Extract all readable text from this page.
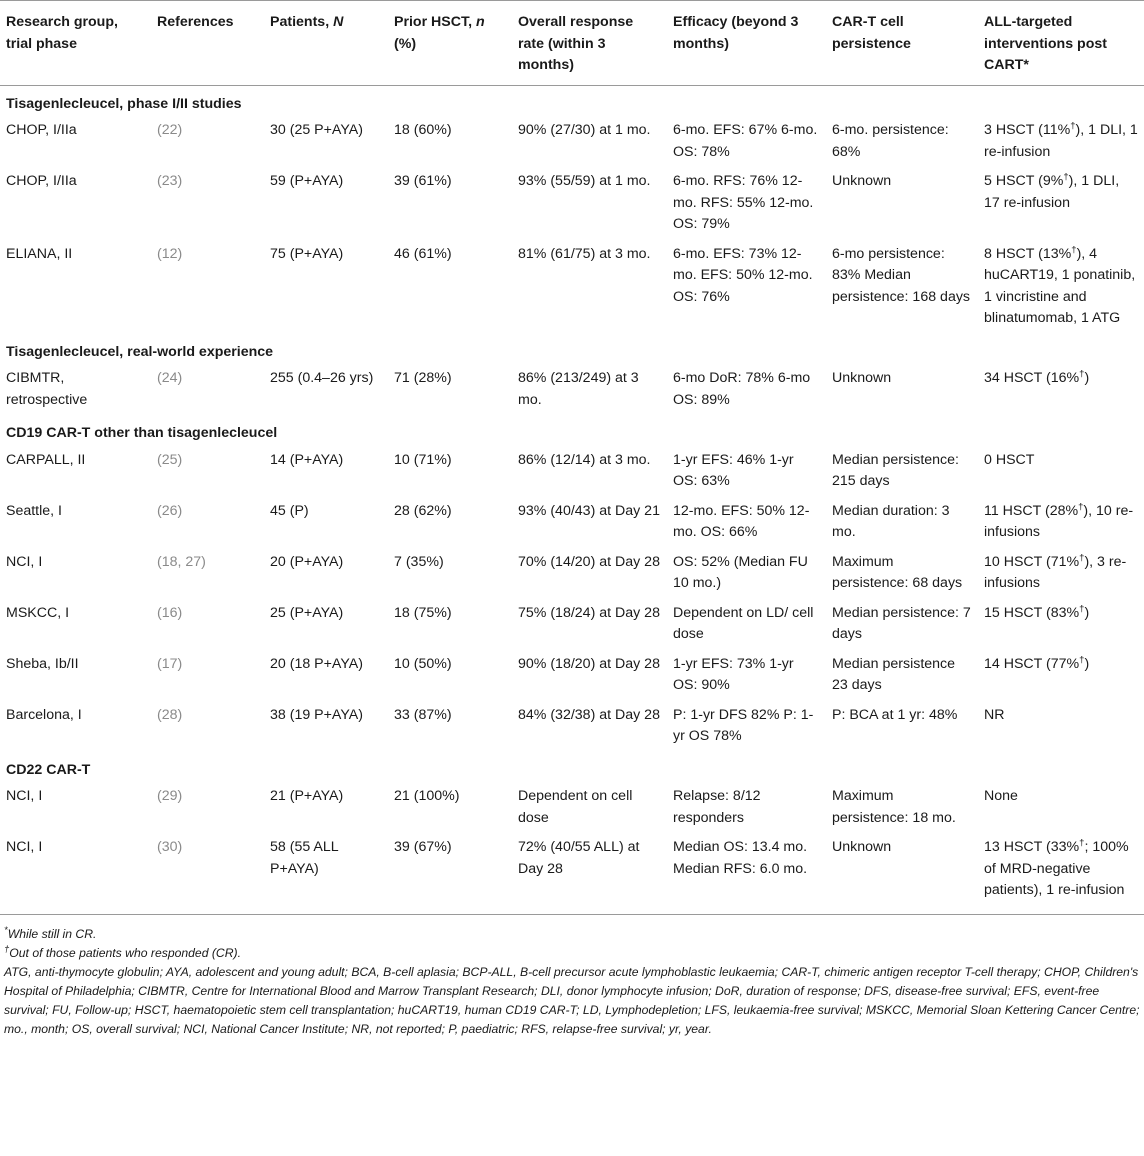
Research group, trial phase	References	Patients, N	Prior HSCT, n (%)	Overall response rate (within 3 months)	Efficacy (beyond 3 months)	CAR-T cell persistence	ALL-targeted interventions post CART*
Tisagenlecleucel, phase I/II studies							
CHOP, I/IIa	(22)	30 (25 P+AYA)	18 (60%)	90% (27/30) at 1 mo.	6-mo. EFS: 67% 6-mo. OS: 78%	6-mo. persistence: 68%	3 HSCT (11%†), 1 DLI, 1 re-infusion
CHOP, I/IIa	(23)	59 (P+AYA)	39 (61%)	93% (55/59) at 1 mo.	6-mo. RFS: 76% 12-mo. RFS: 55% 12-mo. OS: 79%	Unknown	5 HSCT (9%†), 1 DLI, 17 re-infusion
ELIANA, II	(12)	75 (P+AYA)	46 (61%)	81% (61/75) at 3 mo.	6-mo. EFS: 73% 12-mo. EFS: 50% 12-mo. OS: 76%	6-mo persistence: 83% Median persistence: 168 days	8 HSCT (13%†), 4 huCART19, 1 ponatinib, 1 vincristine and blinatumomab, 1 ATG
Tisagenlecleucel, real-world experience							
CIBMTR, retrospective	(24)	255 (0.4–26 yrs)	71 (28%)	86% (213/249) at 3 mo.	6-mo DoR: 78% 6-mo OS: 89%	Unknown	34 HSCT (16%†)
CD19 CAR-T other than tisagenlecleucel							
CARPALL, II	(25)	14 (P+AYA)	10 (71%)	86% (12/14) at 3 mo.	1-yr EFS: 46% 1-yr OS: 63%	Median persistence: 215 days	0 HSCT
Seattle, I	(26)	45 (P)	28 (62%)	93% (40/43) at Day 21	12-mo. EFS: 50% 12-mo. OS: 66%	Median duration: 3 mo.	11 HSCT (28%†), 10 re-infusions
NCI, I	(18, 27)	20 (P+AYA)	7 (35%)	70% (14/20) at Day 28	OS: 52% (Median FU 10 mo.)	Maximum persistence: 68 days	10 HSCT (71%†), 3 re-infusions
MSKCC, I	(16)	25 (P+AYA)	18 (75%)	75% (18/24) at Day 28	Dependent on LD/ cell dose	Median persistence: 7 days	15 HSCT (83%†)
Sheba, Ib/II	(17)	20 (18 P+AYA)	10 (50%)	90% (18/20) at Day 28	1-yr EFS: 73% 1-yr OS: 90%	Median persistence 23 days	14 HSCT (77%†)
Barcelona, I	(28)	38 (19 P+AYA)	33 (87%)	84% (32/38) at Day 28	P: 1-yr DFS 82% P: 1-yr OS 78%	P: BCA at 1 yr: 48%	NR
CD22 CAR-T							
NCI, I	(29)	21 (P+AYA)	21 (100%)	Dependent on cell dose	Relapse: 8/12 responders	Maximum persistence: 18 mo.	None
NCI, I	(30)	58 (55 ALL P+AYA)	39 (67%)	72% (40/55 ALL) at Day 28	Median OS: 13.4 mo. Median RFS: 6.0 mo.	Unknown	13 HSCT (33%†; 100% of MRD-negative patients), 1 re-infusion

*While still in CR.

†Out of those patients who responded (CR).

ATG, anti-thymocyte globulin; AYA, adolescent and young adult; BCA, B-cell aplasia; BCP-ALL, B-cell precursor acute lymphoblastic leukaemia; CAR-T, chimeric antigen receptor T-cell therapy; CHOP, Children's Hospital of Philadelphia; CIBMTR, Centre for International Blood and Marrow Transplant Research; DLI, donor lymphocyte infusion; DoR, duration of response; DFS, disease-free survival; EFS, event-free survival; FU, Follow-up; HSCT, haematopoietic stem cell transplantation; huCART19, human CD19 CAR-T; LD, Lymphodepletion; LFS, leukaemia-free survival; MSKCC, Memorial Sloan Kettering Cancer Centre; mo., month; OS, overall survival; NCI, National Cancer Institute; NR, not reported; P, paediatric; RFS, relapse-free survival; yr, year.
